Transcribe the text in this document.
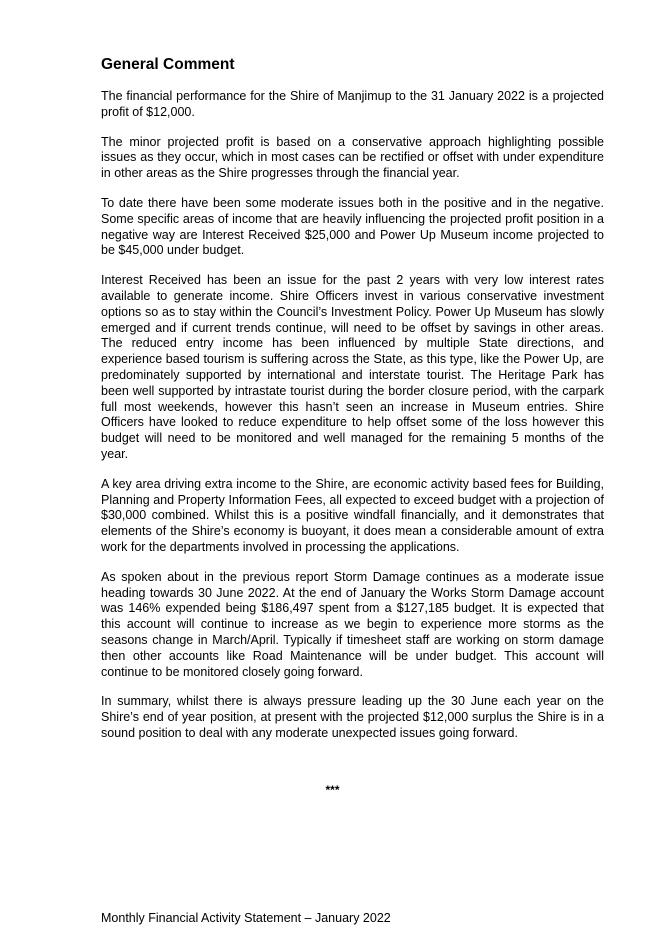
General Comment

The financial performance for the Shire of Manjimup to the 31 January 2022 is a projected profit of $12,000.

The minor projected profit is based on a conservative approach highlighting possible issues as they occur, which in most cases can be rectified or offset with under expenditure in other areas as the Shire progresses through the financial year.

To date there have been some moderate issues both in the positive and in the negative. Some specific areas of income that are heavily influencing the projected profit position in a negative way are Interest Received $25,000 and Power Up Museum income projected to be $45,000 under budget.

Interest Received has been an issue for the past 2 years with very low interest rates available to generate income. Shire Officers invest in various conservative investment options so as to stay within the Council’s Investment Policy. Power Up Museum has slowly emerged and if current trends continue, will need to be offset by savings in other areas. The reduced entry income has been influenced by multiple State directions, and experience based tourism is suffering across the State, as this type, like the Power Up, are predominately supported by international and interstate tourist. The Heritage Park has been well supported by intrastate tourist during the border closure period, with the carpark full most weekends, however this hasn’t seen an increase in Museum entries. Shire Officers have looked to reduce expenditure to help offset some of the loss however this budget will need to be monitored and well managed for the remaining 5 months of the year.

A key area driving extra income to the Shire, are economic activity based fees for Building, Planning and Property Information Fees, all expected to exceed budget with a projection of $30,000 combined. Whilst this is a positive windfall financially, and it demonstrates that elements of the Shire’s economy is buoyant, it does mean a considerable amount of extra work for the departments involved in processing the applications.

As spoken about in the previous report Storm Damage continues as a moderate issue heading towards 30 June 2022. At the end of January the Works Storm Damage account was 146% expended being $186,497 spent from a $127,185 budget. It is expected that this account will continue to increase as we begin to experience more storms as the seasons change in March/April. Typically if timesheet staff are working on storm damage then other accounts like Road Maintenance will be under budget. This account will continue to be monitored closely going forward.

In summary, whilst there is always pressure leading up the 30 June each year on the Shire’s end of year position, at present with the projected $12,000 surplus the Shire is in a sound position to deal with any moderate unexpected issues going forward.

***
Monthly Financial Activity Statement – January 2022
